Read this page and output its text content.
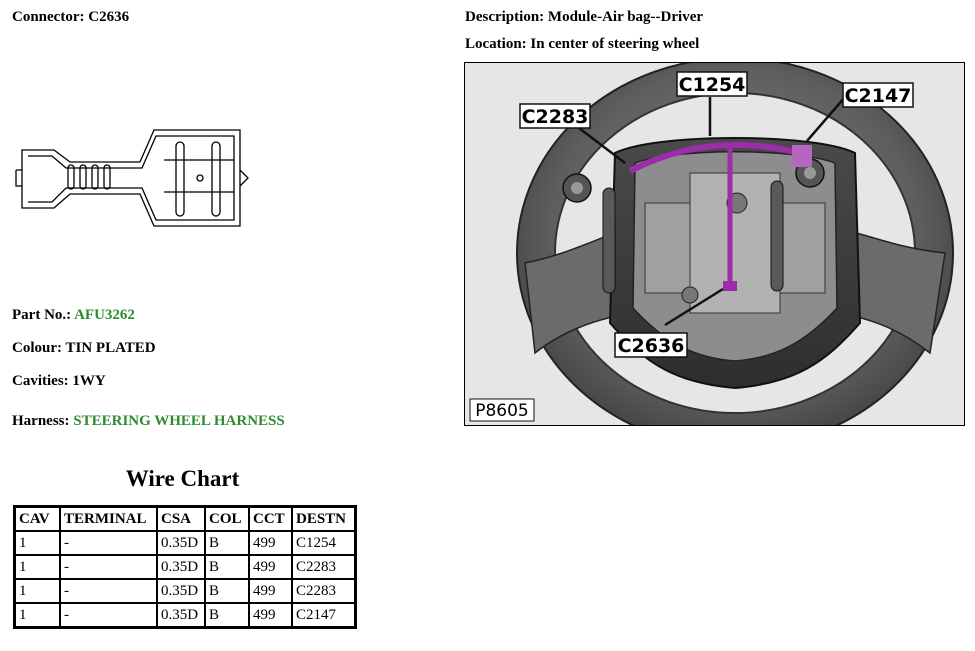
Connector: C2636	Description: Module-Air bag--Driver
Location: In center of steering wheel
Part No.: AFU3262
Colour: TIN PLATED
Cavities: 1WY
Harness: STEERING WHEEL HARNESS
Wire Chart
CAV	TERMINAL	CSA	COL	CCT	DESTN
1	-	0.35D	B	499	C1254
1	-	0.35D	B	499	C2283
1	-	0.35D	B	499	C2283
1	-	0.35D	B	499	C2147
C2283
C1254	C2147
C2636
P8605
